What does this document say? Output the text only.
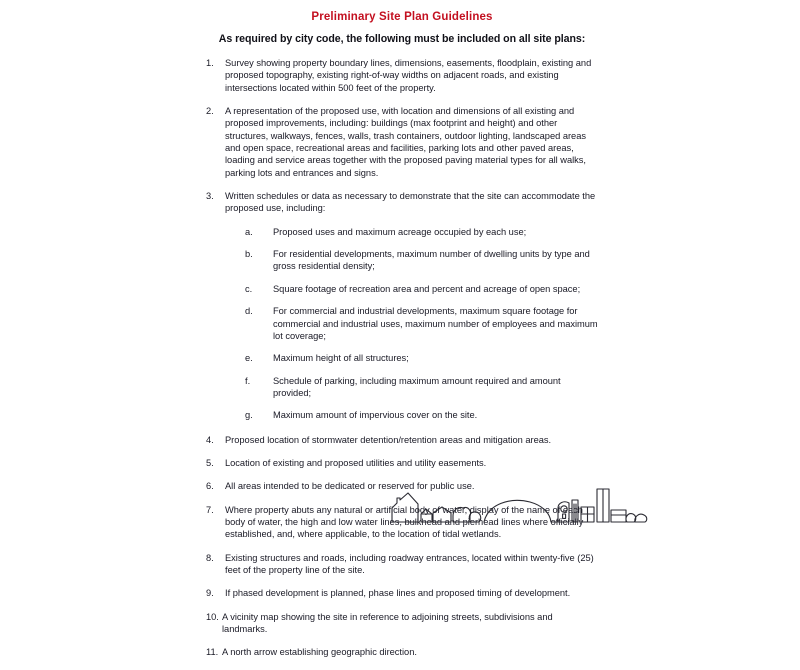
Preliminary Site Plan Guidelines
As required by city code, the following must be included on all site plans:
1. Survey showing property boundary lines, dimensions, easements, floodplain, existing and proposed topography, existing right-of-way widths on adjacent roads, and existing intersections located within 500 feet of the property.
2. A representation of the proposed use, with location and dimensions of all existing and proposed improvements, including: buildings (max footprint and height) and other structures, walkways, fences, walls, trash containers, outdoor lighting, landscaped areas and open space, recreational areas and facilities, parking lots and other paved areas, loading and service areas together with the proposed paving material types for all walks, parking lots and entrances and signs.
3. Written schedules or data as necessary to demonstrate that the site can accommodate the proposed use, including:
a. Proposed uses and maximum acreage occupied by each use;
b. For residential developments, maximum number of dwelling units by type and gross residential density;
c. Square footage of recreation area and percent and acreage of open space;
d. For commercial and industrial developments, maximum square footage for commercial and industrial uses, maximum number of employees and maximum lot coverage;
e. Maximum height of all structures;
f. Schedule of parking, including maximum amount required and amount provided;
g. Maximum amount of impervious cover on the site.
4. Proposed location of stormwater detention/retention areas and mitigation areas.
5. Location of existing and proposed utilities and utility easements.
6. All areas intended to be dedicated or reserved for public use.
7. Where property abuts any natural or artificial body of water, display of the name of each body of water, the high and low water lines, bulkhead and pierhead lines where officially established, and, where applicable, to the location of tidal wetlands.
8. Existing structures and roads, including roadway entrances, located within twenty-five (25) feet of the property line of the site.
9. If phased development is planned, phase lines and proposed timing of development.
10. A vicinity map showing the site in reference to adjoining streets, subdivisions and landmarks.
11. A north arrow establishing geographic direction.
